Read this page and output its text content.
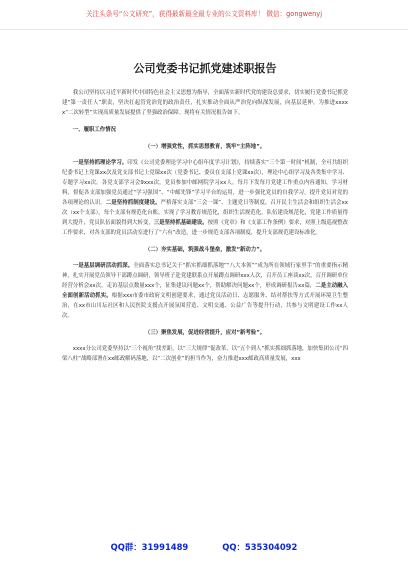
关注头条号“公文研究”，获得最新最全最专业的公文资料库！ 微信：gongwenyj
公司党委书记抓党建述职报告

我公司坚持以习近平新时代中国特色社会主义思想为指导，全面落实新时代党的建设总要求，切实履行党委书记抓党建“第一责任人”职责，坚决扛起管党治党的政治责任，扎实推动全面从严治党向纵深发展，向基层延伸，为推进xxxxx“二次转型”实现高质量发展提供了坚强政治保障。现将有关情况报告如下。

一、履职工作情况

（一）增强党性，抓实思想教育，筑牢“主阵地”。

一是坚持抓理论学习。印发《公司党委理论学习中心组年度学习计划》，持续落实“三个第一时间”机制，全可共组织纪委书记上党课xx次及党支部书记上党课xx次（党委书记、委员在支部上党课xx次），理论中心组学习及各类集中学习、专题学习xx次。各党支部学习会9xxx次，党员参加中邮网院学习xx人。每月下发每月党建工作重点内容通知，学习材料，督促各支部加强党员通过“学习强国”、“中邮先锋”学习平台的运用，进一步强化党员的自我学习，提升党员对党的各项理论的认识。二是坚持抓制度建设。严格落实支部“三会一课”、主题党日等制度，召开民主生活会和组织生活会xx次（xx个支部），每个支部有规范化台账。实现了学习教育规范化，组织生活规范化。队伍建设规范化，党建工作质量得到大提升，党员队伍面貌得到大转变，三是坚持抓基础建设。按照《党章》和《支部工作条例》要求，对照上级巡视整改工作要求，对各支部的党员活动室进行了“六有”改造，进一步规范支部各项制度，提升支部规范建设标准化。

（二）夯实基础，筑强战斗堡垒，激发“新动力”。

一是基层调研活动抓深。全面落实总书记关于“抓实抓细抓落地”“八大本领”“成为所在领域行家里手”的重要指示精神，扎实开展党员领导干部蹲点调研，领导班子赴党建联系点开展蹲点调研xxx人次，召开员工座谈xx次，召开调研单位经营分析会xx次，走访基层点数量xxx个，征集建议问题xx个，帮助解决问题xx个，形成调研报告xx篇，二是主动融入全面创新活动抓实。根据xxx市委市政府文明创建要求，通过党员活动日、志愿服务、结对帮扶等方式开展环境卫生整治，在xx市山川坛社区和人民医院支援点开展氛围营造、文明交通、公益广告等提升行动，共参与文明建设工作xx人次。

（三）聚焦发展，促进经营提升，应对“新考验”。

xxxx分公司党委坚持以“三个视角”找差距，以“三大规律”促改革，以“五个到人”抓实抓细抓落地，加快集团公司“四梁八柱”战略部署在xx邮政解码落地，以“二次创业”的担当作为，奋力推进xxx邮政高质量发展，xxx

QQ群：31991489	QQ：535304092
